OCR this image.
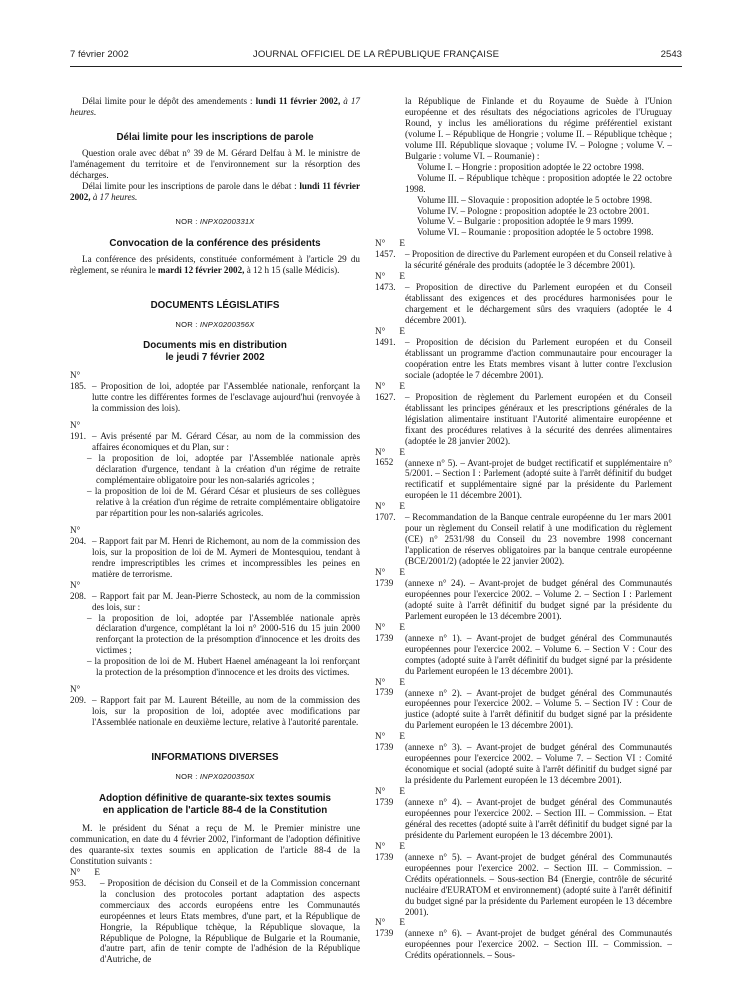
7 février 2002	JOURNAL OFFICIEL DE LA RÉPUBLIQUE FRANÇAISE	2543

Délai limite pour le dépôt des amendements : lundi 11 février 2002, à 17 heures.

Délai limite pour les inscriptions de parole

Question orale avec débat n° 39 de M. Gérard Delfau à M. le ministre de l'aménagement du territoire et de l'environnement sur la résorption des décharges.

Délai limite pour les inscriptions de parole dans le débat : lundi 11 février 2002, à 17 heures.

NOR : INPX0200331X

Convocation de la conférence des présidents

La conférence des présidents, constituée conformément à l'article 29 du règlement, se réunira le mardi 12 février 2002, à 12 h 15 (salle Médicis).

DOCUMENTS LÉGISLATIFS

NOR : INPX0200356X

Documents mis en distribution

le jeudi 7 février 2002

N° 185. – Proposition de loi, adoptée par l'Assemblée nationale, renforçant la lutte contre les différentes formes de l'esclavage aujourd'hui (renvoyée à la commission des lois).

N° 191. – Avis présenté par M. Gérard César, au nom de la commission des affaires économiques et du Plan, sur :

– la proposition de loi, adoptée par l'Assemblée nationale après déclaration d'urgence, tendant à la création d'un régime de retraite complémentaire obligatoire pour les non-salariés agricoles ;

– la proposition de loi de M. Gérard César et plusieurs de ses collègues relative à la création d'un régime de retraite complémentaire obligatoire par répartition pour les non-salariés agricoles.

N° 204. – Rapport fait par M. Henri de Richemont, au nom de la commission des lois, sur la proposition de loi de M. Aymeri de Montesquiou, tendant à rendre imprescriptibles les crimes et incompressibles les peines en matière de terrorisme.

N° 208. – Rapport fait par M. Jean-Pierre Schosteck, au nom de la commission des lois, sur :

– la proposition de loi, adoptée par l'Assemblée nationale après déclaration d'urgence, complétant la loi n° 2000-516 du 15 juin 2000 renforçant la protection de la présomption d'innocence et les droits des victimes ;

– la proposition de loi de M. Hubert Haenel aménageant la loi renforçant la protection de la présomption d'innocence et les droits des victimes.

N° 209. – Rapport fait par M. Laurent Béteille, au nom de la commission des lois, sur la proposition de loi, adoptée avec modifications par l'Assemblée nationale en deuxième lecture, relative à l'autorité parentale.

INFORMATIONS DIVERSES

NOR : INPX0200350X

Adoption définitive de quarante-six textes soumis

en application de l'article 88-4 de la Constitution

M. le président du Sénat a reçu de M. le Premier ministre une communication, en date du 4 février 2002, l'informant de l'adoption définitive des quarante-six textes soumis en application de l'article 88-4 de la Constitution suivants :

N° E 953. – Proposition de décision du Conseil et de la Commission concernant la conclusion des protocoles portant adaptation des aspects commerciaux des accords européens entre les Communautés européennes et leurs Etats membres, d'une part, et la République de Hongrie, la République tchèque, la République slovaque, la République de Pologne, la République de Bulgarie et la Roumanie, d'autre part, afin de tenir compte de l'adhésion de la République d'Autriche, de

la République de Finlande et du Royaume de Suède à l'Union européenne et des résultats des négociations agricoles de l'Uruguay Round, y inclus les améliorations du régime préférentiel existant (volume I. – République de Hongrie ; volume II. – République tchèque ; volume III. République slovaque ; volume IV. – Pologne ; volume V. – Bulgarie : volume VI. – Roumanie) :

Volume I. – Hongrie : proposition adoptée le 22 octobre 1998.

Volume II. – République tchèque : proposition adoptée le 22 octobre 1998.

Volume III. – Slovaquie : proposition adoptée le 5 octobre 1998.

Volume IV. – Pologne : proposition adoptée le 23 octobre 2001.

Volume V. – Bulgarie : proposition adoptée le 9 mars 1999.

Volume VI. – Roumanie : proposition adoptée le 5 octobre 1998.

N° E 1457. – Proposition de directive du Parlement européen et du Conseil relative à la sécurité générale des produits (adoptée le 3 décembre 2001).

N° E 1473. – Proposition de directive du Parlement européen et du Conseil établissant des exigences et des procédures harmonisées pour le chargement et le déchargement sûrs des vraquiers (adoptée le 4 décembre 2001).

N° E 1491. – Proposition de décision du Parlement européen et du Conseil établissant un programme d'action communautaire pour encourager la coopération entre les Etats membres visant à lutter contre l'exclusion sociale (adoptée le 7 décembre 2001).

N° E 1627. – Proposition de règlement du Parlement européen et du Conseil établissant les principes généraux et les prescriptions générales de la législation alimentaire instituant l'Autorité alimentaire européenne et fixant des procédures relatives à la sécurité des denrées alimentaires (adoptée le 28 janvier 2002).

N° E 1652 (annexe n° 5). – Avant-projet de budget rectificatif et supplémentaire n° 5/2001. – Section I : Parlement (adopté suite à l'arrêt définitif du budget rectificatif et supplémentaire signé par la présidente du Parlement européen le 11 décembre 2001).

N° E 1707. – Recommandation de la Banque centrale européenne du 1er mars 2001 pour un règlement du Conseil relatif à une modification du règlement (CE) n° 2531/98 du Conseil du 23 novembre 1998 concernant l'application de réserves obligatoires par la banque centrale européenne (BCE/2001/2) (adoptée le 22 janvier 2002).

N° E 1739 (annexe n° 24). – Avant-projet de budget général des Communautés européennes pour l'exercice 2002. – Volume 2. – Section I : Parlement (adopté suite à l'arrêt définitif du budget signé par la présidente du Parlement européen le 13 décembre 2001).

N° E 1739 (annexe n° 1). – Avant-projet de budget général des Communautés européennes pour l'exercice 2002. – Volume 6. – Section V : Cour des comptes (adopté suite à l'arrêt définitif du budget signé par la présidente du Parlement européen le 13 décembre 2001).

N° E 1739 (annexe n° 2). – Avant-projet de budget général des Communautés européennes pour l'exercice 2002. – Volume 5. – Section IV : Cour de justice (adopté suite à l'arrêt définitif du budget signé par la présidente du Parlement européen le 13 décembre 2001).

N° E 1739 (annexe n° 3). – Avant-projet de budget général des Communautés européennes pour l'exercice 2002. – Volume 7. – Section VI : Comité économique et social (adopté suite à l'arrêt définitif du budget signé par la présidente du Parlement européen le 13 décembre 2001).

N° E 1739 (annexe n° 4). – Avant-projet de budget général des Communautés européennes pour l'exercice 2002. – Section III. – Commission. – Etat général des recettes (adopté suite à l'arrêt définitif du budget signé par la présidente du Parlement européen le 13 décembre 2001).

N° E 1739 (annexe n° 5). – Avant-projet de budget général des Communautés européennes pour l'exercice 2002. – Section III. – Commission. – Crédits opérationnels. – Sous-section B4 (Energie, contrôle de sécurité nucléaire d'EURATOM et environnement) (adopté suite à l'arrêt définitif du budget signé par la présidente du Parlement européen le 13 décembre 2001).

N° E 1739 (annexe n° 6). – Avant-projet de budget général des Communautés européennes pour l'exercice 2002. – Section III. – Commission. – Crédits opérationnels. – Sous-
